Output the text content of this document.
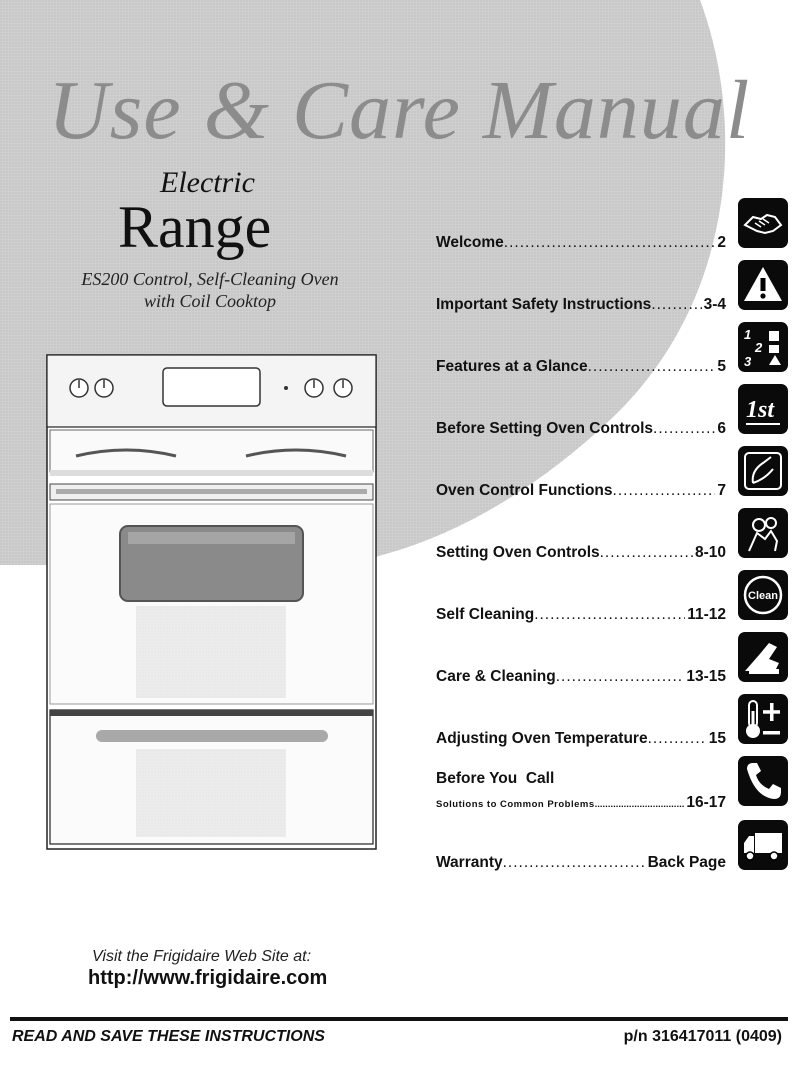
Use & Care Manual
Electric
Range
ES200 Control, Self-Cleaning Oven
with Coil Cooktop
Welcome .....	2
Important Safety Instructions .....	3-4
Features at a Glance .....	5
Before Setting Oven Controls .....	6
Oven Control Functions .....	7
Setting Oven Controls .....	8-10
Self Cleaning .....	11-12
Care & Cleaning .....	13-15
Adjusting Oven Temperature .....	15
Before You  Call
Solutions to Common Problems .....	16-17
Warranty .....	Back Page
1
2
3
1st
Clean
Visit the Frigidaire Web Site at:
http://www.frigidaire.com
READ AND SAVE THESE INSTRUCTIONS	p/n 316417011 (0409)
